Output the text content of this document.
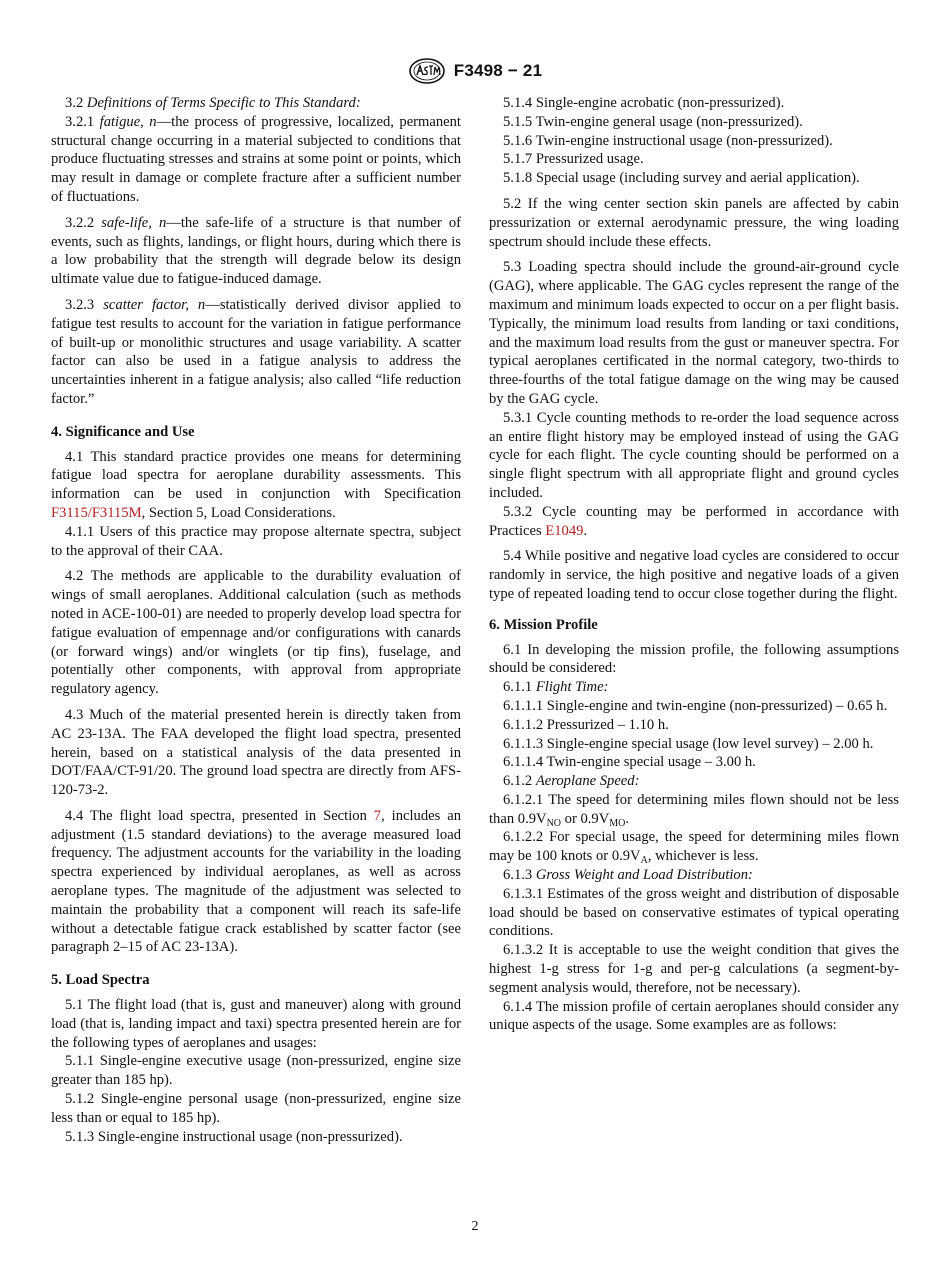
F3498 − 21

3.2 Definitions of Terms Specific to This Standard:

3.2.1 fatigue, n—the process of progressive, localized, permanent structural change occurring in a material subjected to conditions that produce fluctuating stresses and strains at some point or points, which may result in damage or complete fracture after a sufficient number of fluctuations.

3.2.2 safe-life, n—the safe-life of a structure is that number of events, such as flights, landings, or flight hours, during which there is a low probability that the strength will degrade below its design ultimate value due to fatigue-induced damage.

3.2.3 scatter factor, n—statistically derived divisor applied to fatigue test results to account for the variation in fatigue performance of built-up or monolithic structures and usage variability. A scatter factor can also be used in a fatigue analysis to address the uncertainties inherent in a fatigue analysis; also called “life reduction factor.”

4. Significance and Use

4.1 This standard practice provides one means for determining fatigue load spectra for aeroplane durability assessments. This information can be used in conjunction with Specification F3115/F3115M, Section 5, Load Considerations.

4.1.1 Users of this practice may propose alternate spectra, subject to the approval of their CAA.

4.2 The methods are applicable to the durability evaluation of wings of small aeroplanes. Additional calculation (such as methods noted in ACE-100-01) are needed to properly develop load spectra for fatigue evaluation of empennage and/or configurations with canards (or forward wings) and/or winglets (or tip fins), fuselage, and potentially other components, with approval from appropriate regulatory agency.

4.3 Much of the material presented herein is directly taken from AC 23-13A. The FAA developed the flight load spectra, presented herein, based on a statistical analysis of the data presented in DOT/FAA/CT-91/20. The ground load spectra are directly from AFS-120-73-2.

4.4 The flight load spectra, presented in Section 7, includes an adjustment (1.5 standard deviations) to the average measured load frequency. The adjustment accounts for the variability in the loading spectra experienced by individual aeroplanes, as well as across aeroplane types. The magnitude of the adjustment was selected to maintain the probability that a component will reach its safe-life without a detectable fatigue crack established by scatter factor (see paragraph 2–15 of AC 23-13A).

5. Load Spectra

5.1 The flight load (that is, gust and maneuver) along with ground load (that is, landing impact and taxi) spectra presented herein are for the following types of aeroplanes and usages:

5.1.1 Single-engine executive usage (non-pressurized, engine size greater than 185 hp).

5.1.2 Single-engine personal usage (non-pressurized, engine size less than or equal to 185 hp).

5.1.3 Single-engine instructional usage (non-pressurized).

5.1.4 Single-engine acrobatic (non-pressurized).

5.1.5 Twin-engine general usage (non-pressurized).

5.1.6 Twin-engine instructional usage (non-pressurized).

5.1.7 Pressurized usage.

5.1.8 Special usage (including survey and aerial application).

5.2 If the wing center section skin panels are affected by cabin pressurization or external aerodynamic pressure, the wing loading spectrum should include these effects.

5.3 Loading spectra should include the ground-air-ground cycle (GAG), where applicable. The GAG cycles represent the range of the maximum and minimum loads expected to occur on a per flight basis. Typically, the minimum load results from landing or taxi conditions, and the maximum load results from the gust or maneuver spectra. For typical aeroplanes certificated in the normal category, two-thirds to three-fourths of the total fatigue damage on the wing may be caused by the GAG cycle.

5.3.1 Cycle counting methods to re-order the load sequence across an entire flight history may be employed instead of using the GAG cycle for each flight. The cycle counting should be performed on a single flight spectrum with all appropriate flight and ground cycles included.

5.3.2 Cycle counting may be performed in accordance with Practices E1049.

5.4 While positive and negative load cycles are considered to occur randomly in service, the high positive and negative loads of a given type of repeated loading tend to occur close together during the flight.

6. Mission Profile

6.1 In developing the mission profile, the following assumptions should be considered:

6.1.1 Flight Time:

6.1.1.1 Single-engine and twin-engine (non-pressurized) – 0.65 h.

6.1.1.2 Pressurized – 1.10 h.

6.1.1.3 Single-engine special usage (low level survey) – 2.00 h.

6.1.1.4 Twin-engine special usage – 3.00 h.

6.1.2 Aeroplane Speed:

6.1.2.1 The speed for determining miles flown should not be less than $0.9V_{NO}$ or $0.9V_{MO}$.

6.1.2.2 For special usage, the speed for determining miles flown may be 100 knots or $0.9V_A$, whichever is less.

6.1.3 Gross Weight and Load Distribution:

6.1.3.1 Estimates of the gross weight and distribution of disposable load should be based on conservative estimates of typical operating conditions.

6.1.3.2 It is acceptable to use the weight condition that gives the highest 1-g stress for 1-g and per-g calculations (a segment-by-segment analysis would, therefore, not be necessary).

6.1.4 The mission profile of certain aeroplanes should consider any unique aspects of the usage. Some examples are as follows:

2
